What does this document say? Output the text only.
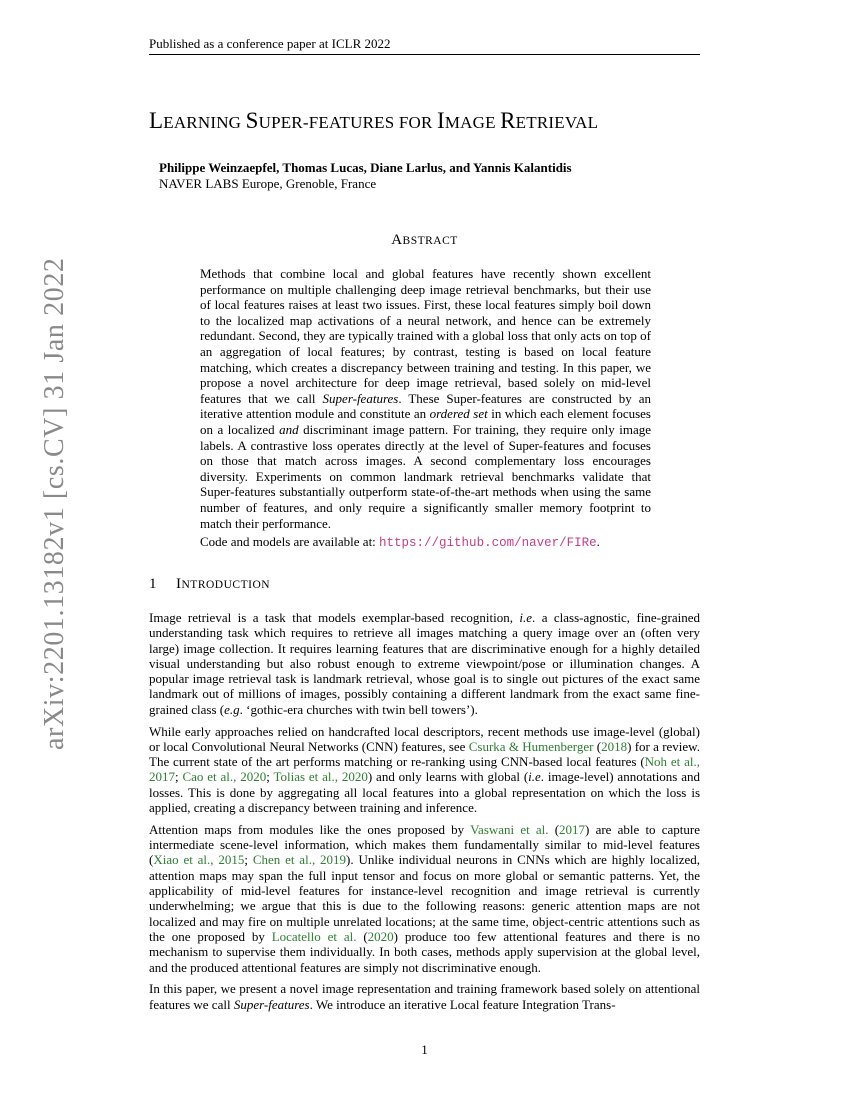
Published as a conference paper at ICLR 2022
arXiv:2201.13182v1 [cs.CV] 31 Jan 2022
LEARNING SUPER-FEATURES FOR IMAGE RETRIEVAL
Philippe Weinzaepfel, Thomas Lucas, Diane Larlus, and Yannis Kalantidis
NAVER LABS Europe, Grenoble, France
ABSTRACT

Methods that combine local and global features have recently shown excellent performance on multiple challenging deep image retrieval benchmarks, but their use of local features raises at least two issues. First, these local features simply boil down to the localized map activations of a neural network, and hence can be extremely redundant. Second, they are typically trained with a global loss that only acts on top of an aggregation of local features; by contrast, testing is based on local feature matching, which creates a discrepancy between training and testing. In this paper, we propose a novel architecture for deep image retrieval, based solely on mid-level features that we call Super-features. These Super-features are constructed by an iterative attention module and constitute an ordered set in which each element focuses on a localized and discriminant image pattern. For training, they require only image labels. A contrastive loss operates directly at the level of Super-features and focuses on those that match across images. A second complementary loss encourages diversity. Experiments on common landmark retrieval benchmarks validate that Super-features substantially outperform state-of-the-art methods when using the same number of features, and only require a significantly smaller memory footprint to match their performance.

Code and models are available at: https://github.com/naver/FIRe.

1 INTRODUCTION

Image retrieval is a task that models exemplar-based recognition, i.e. a class-agnostic, fine-grained understanding task which requires to retrieve all images matching a query image over an (often very large) image collection. It requires learning features that are discriminative enough for a highly detailed visual understanding but also robust enough to extreme viewpoint/pose or illumination changes. A popular image retrieval task is landmark retrieval, whose goal is to single out pictures of the exact same landmark out of millions of images, possibly containing a different landmark from the exact same fine-grained class (e.g. ‘gothic-era churches with twin bell towers’).

While early approaches relied on handcrafted local descriptors, recent methods use image-level (global) or local Convolutional Neural Networks (CNN) features, see Csurka & Humenberger (2018) for a review. The current state of the art performs matching or re-ranking using CNN-based local features (Noh et al., 2017; Cao et al., 2020; Tolias et al., 2020) and only learns with global (i.e. image-level) annotations and losses. This is done by aggregating all local features into a global representation on which the loss is applied, creating a discrepancy between training and inference.

Attention maps from modules like the ones proposed by Vaswani et al. (2017) are able to capture intermediate scene-level information, which makes them fundamentally similar to mid-level features (Xiao et al., 2015; Chen et al., 2019). Unlike individual neurons in CNNs which are highly localized, attention maps may span the full input tensor and focus on more global or semantic patterns. Yet, the applicability of mid-level features for instance-level recognition and image retrieval is currently underwhelming; we argue that this is due to the following reasons: generic attention maps are not localized and may fire on multiple unrelated locations; at the same time, object-centric attentions such as the one proposed by Locatello et al. (2020) produce too few attentional features and there is no mechanism to supervise them individually. In both cases, methods apply supervision at the global level, and the produced attentional features are simply not discriminative enough.

In this paper, we present a novel image representation and training framework based solely on attentional features we call Super-features. We introduce an iterative Local feature Integration Trans-

1
